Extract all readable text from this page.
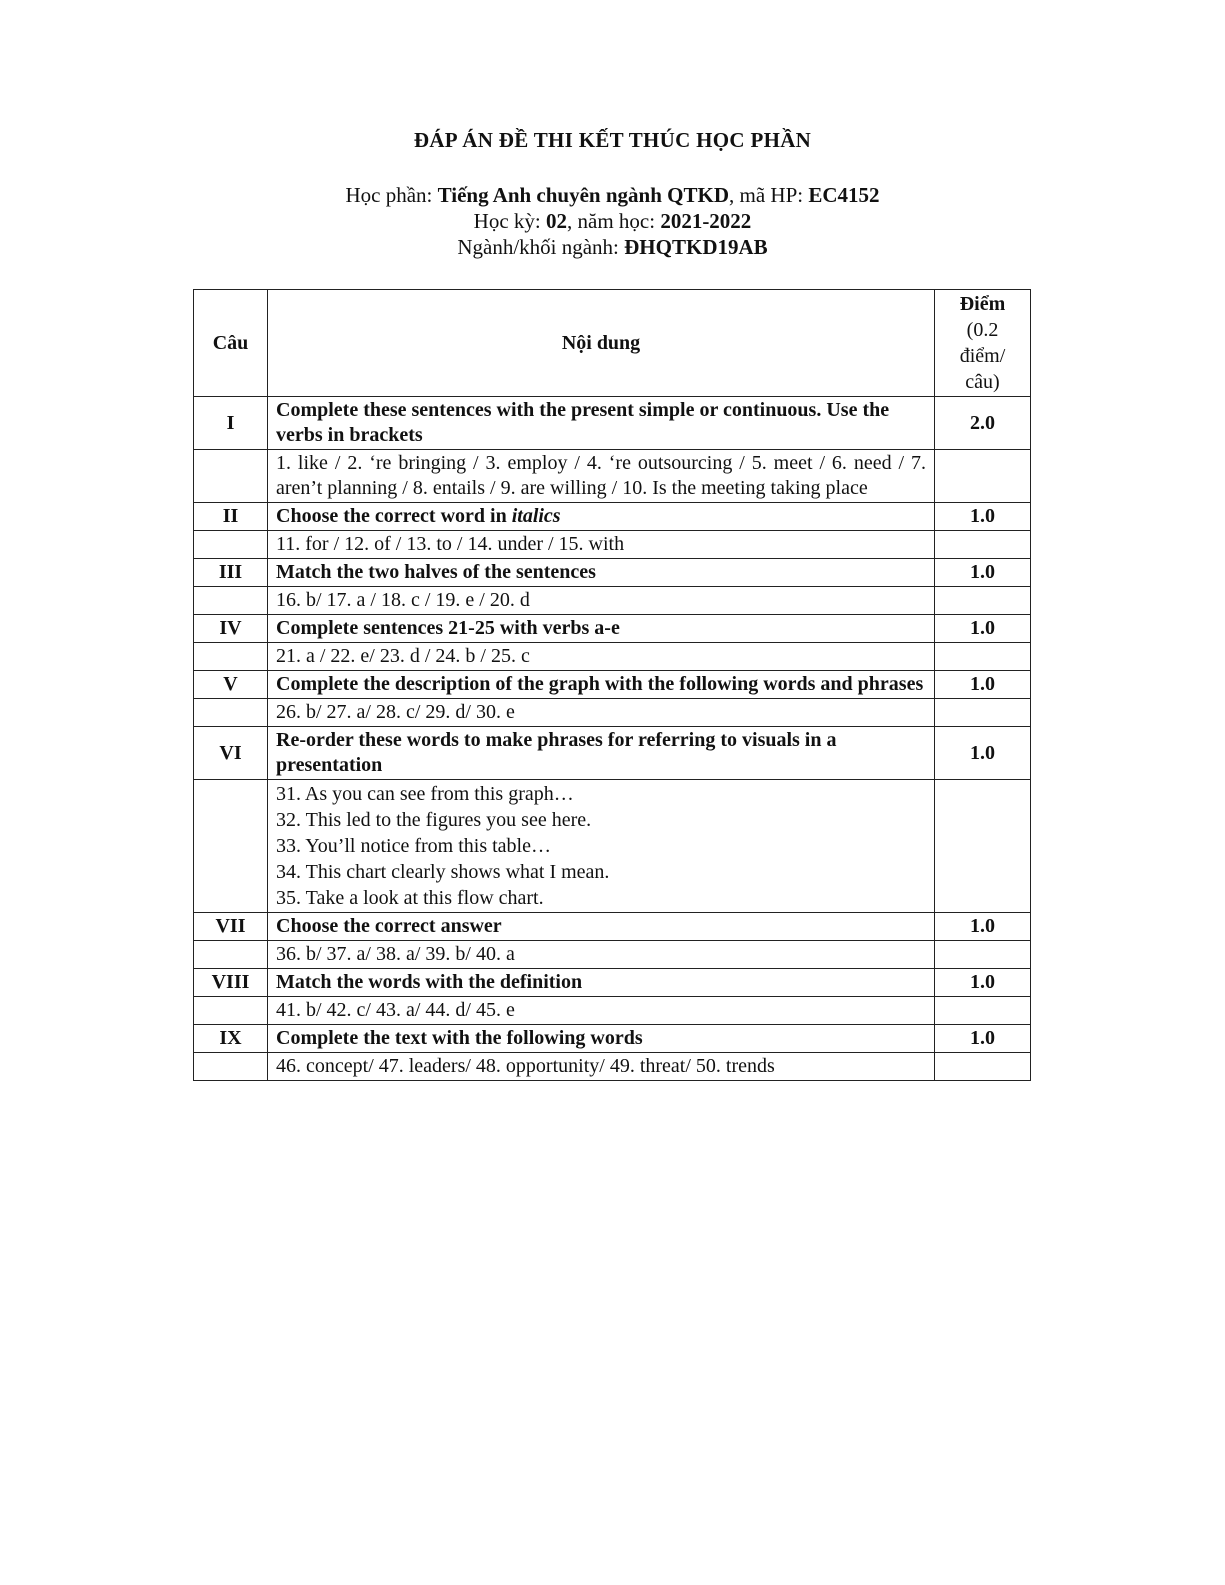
ĐÁP ÁN ĐỀ THI KẾT THÚC HỌC PHẦN
Học phần: Tiếng Anh chuyên ngành QTKD, mã HP: EC4152
Học kỳ: 02, năm học: 2021-2022
Ngành/khối ngành: ĐHQTKD19AB
Câu	Nội dung	Điểm
(0.2 điểm/ câu)
I	Complete these sentences with the present simple or continuous. Use the verbs in brackets	2.0
	1. like / 2. ‘re bringing / 3. employ / 4. ‘re outsourcing / 5. meet / 6. need / 7. aren’t planning / 8. entails / 9. are willing / 10. Is the meeting taking place	
II	Choose the correct word in italics	1.0
	11. for / 12. of / 13. to / 14. under / 15. with	
III	Match the two halves of the sentences	1.0
	16. b/ 17. a / 18. c / 19. e / 20. d	
IV	Complete sentences 21-25 with verbs a-e	1.0
	21. a / 22. e/ 23. d / 24. b / 25. c	
V	Complete the description of the graph with the following words and phrases	1.0
	26. b/ 27. a/ 28. c/ 29. d/ 30. e	
VI	Re-order these words to make phrases for referring to visuals in a presentation	1.0

	31. As you can see from this graph…
32. This led to the figures you see here.
33. You’ll notice from this table…
34. This chart clearly shows what I mean.
35. Take a look at this flow chart.	

VII	Choose the correct answer	1.0
	36. b/ 37. a/ 38. a/ 39. b/ 40. a	
VIII	Match the words with the definition	1.0
	41. b/ 42. c/ 43. a/ 44. d/ 45. e	
IX	Complete the text with the following words	1.0
	46. concept/ 47. leaders/ 48. opportunity/ 49. threat/ 50. trends	
